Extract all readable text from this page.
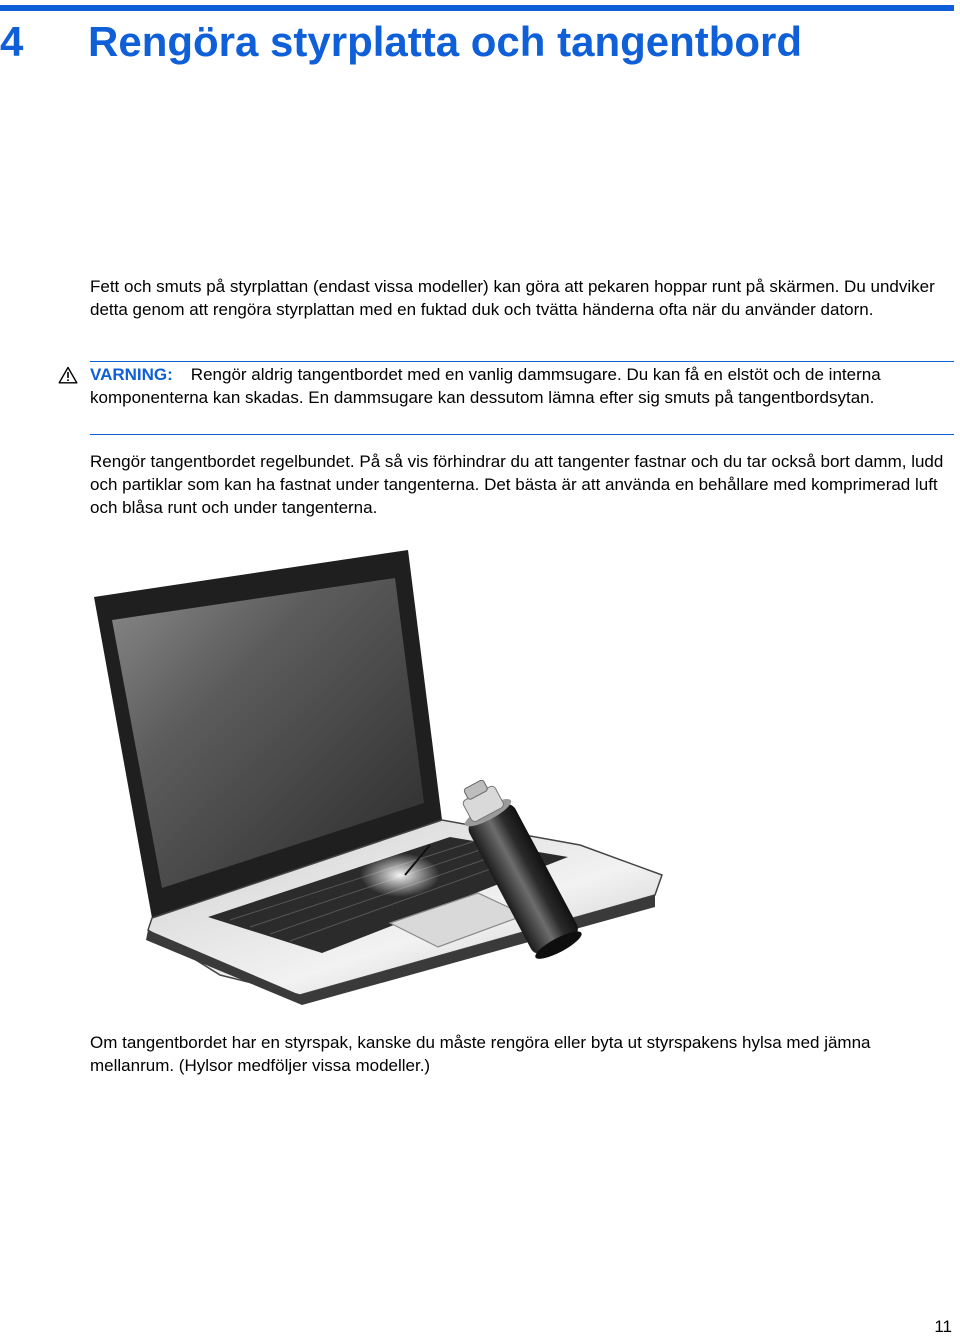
4 Rengöra styrplatta och tangentbord

Fett och smuts på styrplattan (endast vissa modeller) kan göra att pekaren hoppar runt på skärmen. Du undviker detta genom att rengöra styrplattan med en fuktad duk och tvätta händerna ofta när du använder datorn.

VARNING: Rengör aldrig tangentbordet med en vanlig dammsugare. Du kan få en elstöt och de interna komponenterna kan skadas. En dammsugare kan dessutom lämna efter sig smuts på tangentbordsytan.

Rengör tangentbordet regelbundet. På så vis förhindrar du att tangenter fastnar och du tar också bort damm, ludd och partiklar som kan ha fastnat under tangenterna. Det bästa är att använda en behållare med komprimerad luft och blåsa runt och under tangenterna.

Om tangentbordet har en styrspak, kanske du måste rengöra eller byta ut styrspakens hylsa med jämna mellanrum. (Hylsor medföljer vissa modeller.)

11
